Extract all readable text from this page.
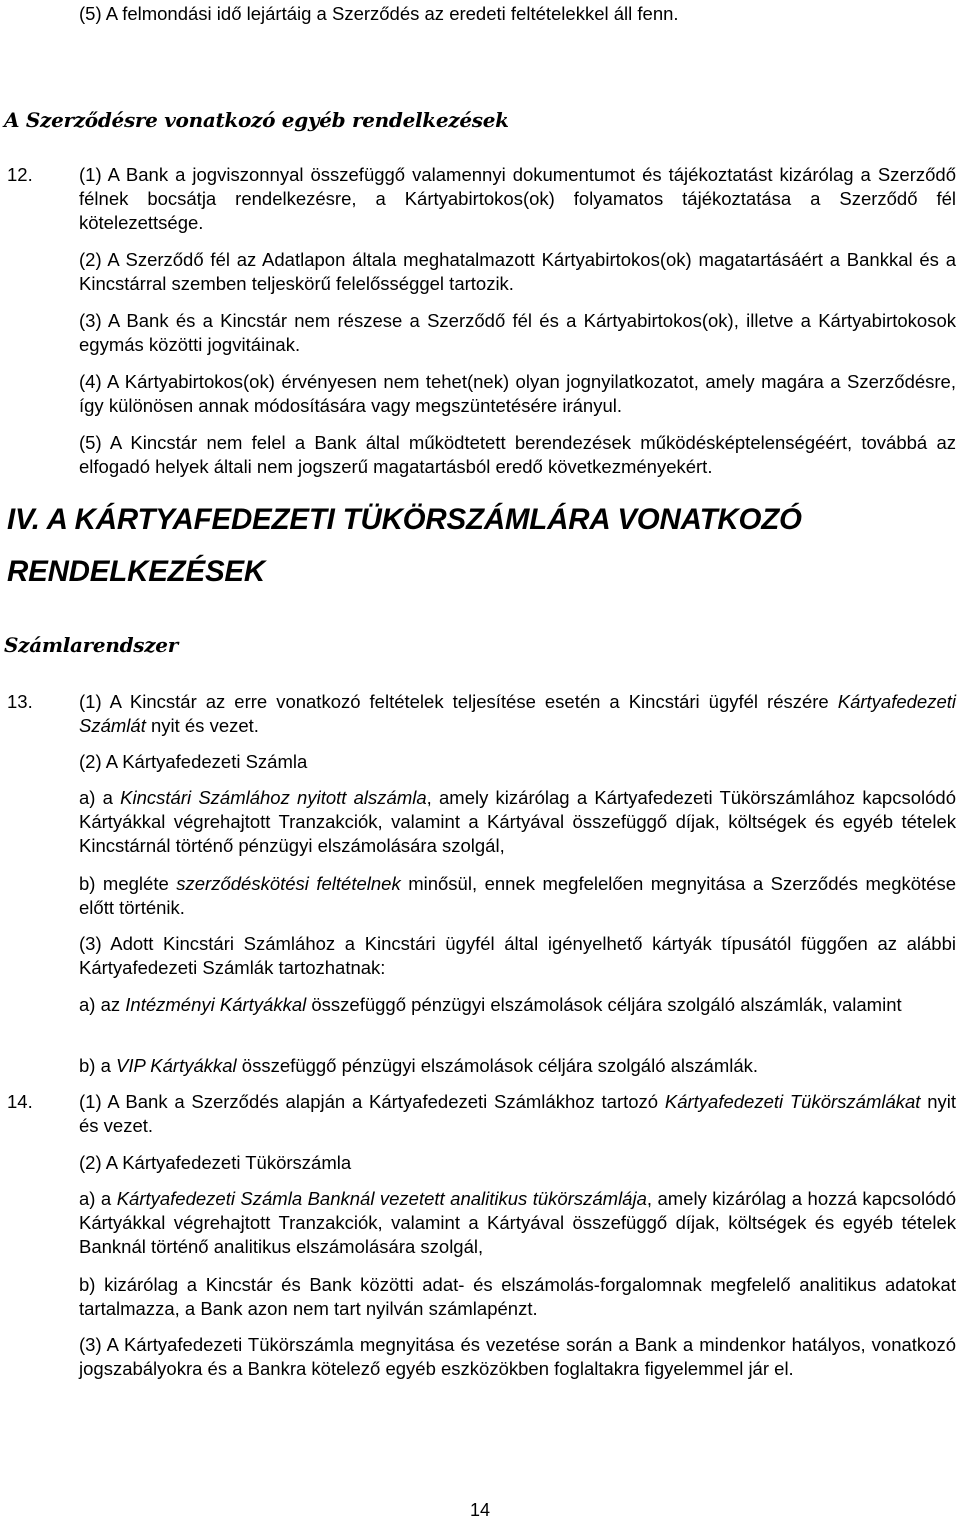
(5) A felmondási idő lejártáig a Szerződés az eredeti feltételekkel áll fenn.
A Szerződésre vonatkozó egyéb rendelkezések
12.	(1) A Bank a jogviszonnyal összefüggő valamennyi dokumentumot és tájékoztatást kizárólag a Szerződő félnek bocsátja rendelkezésre, a Kártyabirtokos(ok) folyamatos tájékoztatása a Szerződő fél kötelezettsége.
(2) A Szerződő fél az Adatlapon általa meghatalmazott Kártyabirtokos(ok) magatartásáért a Bankkal és a Kincstárral szemben teljeskörű felelősséggel tartozik.
(3) A Bank és a Kincstár nem részese a Szerződő fél és a Kártyabirtokos(ok), illetve a Kártyabirtokosok egymás közötti jogvitáinak.
(4) A Kártyabirtokos(ok) érvényesen nem tehet(nek) olyan jognyilatkozatot, amely magára a Szerződésre, így különösen annak módosítására vagy megszüntetésére irányul.
(5) A Kincstár nem felel a Bank által működtetett berendezések működésképtelenségéért, továbbá az elfogadó helyek általi nem jogszerű magatartásból eredő következményekért.
IV. A KÁRTYAFEDEZETI TÜKÖRSZÁMLÁRA VONATKOZÓ
RENDELKEZÉSEK
Számlarendszer
13.	(1) A Kincstár az erre vonatkozó feltételek teljesítése esetén a Kincstári ügyfél részére Kártyafedezeti Számlát nyit és vezet.
(2) A Kártyafedezeti Számla
a) a Kincstári Számlához nyitott alszámla, amely kizárólag a Kártyafedezeti Tükörszámlához kapcsolódó Kártyákkal végrehajtott Tranzakciók, valamint a Kártyával összefüggő díjak, költségek és egyéb tételek Kincstárnál történő pénzügyi elszámolására szolgál,
b) megléte szerződéskötési feltételnek minősül, ennek megfelelően megnyitása a Szerződés megkötése előtt történik.
(3) Adott Kincstári Számlához a Kincstári ügyfél által igényelhető kártyák típusától függően az alábbi Kártyafedezeti Számlák tartozhatnak:
a) az Intézményi Kártyákkal összefüggő pénzügyi elszámolások céljára szolgáló alszámlák, valamint
b) a VIP Kártyákkal összefüggő pénzügyi elszámolások céljára szolgáló alszámlák.
14.	(1) A Bank a Szerződés alapján a Kártyafedezeti Számlákhoz tartozó Kártyafedezeti Tükörszámlákat nyit és vezet.
(2) A Kártyafedezeti Tükörszámla
a) a Kártyafedezeti Számla Banknál vezetett analitikus tükörszámlája, amely kizárólag a hozzá kapcsolódó Kártyákkal végrehajtott Tranzakciók, valamint a Kártyával összefüggő díjak, költségek és egyéb tételek Banknál történő analitikus elszámolására szolgál,
b) kizárólag a Kincstár és Bank közötti adat- és elszámolás-forgalomnak megfelelő analitikus adatokat tartalmazza, a Bank azon nem tart nyilván számlapénzt.
(3) A Kártyafedezeti Tükörszámla megnyitása és vezetése során a Bank a mindenkor hatályos, vonatkozó jogszabályokra és a Bankra kötelező egyéb eszközökben foglaltakra figyelemmel jár el.
14
